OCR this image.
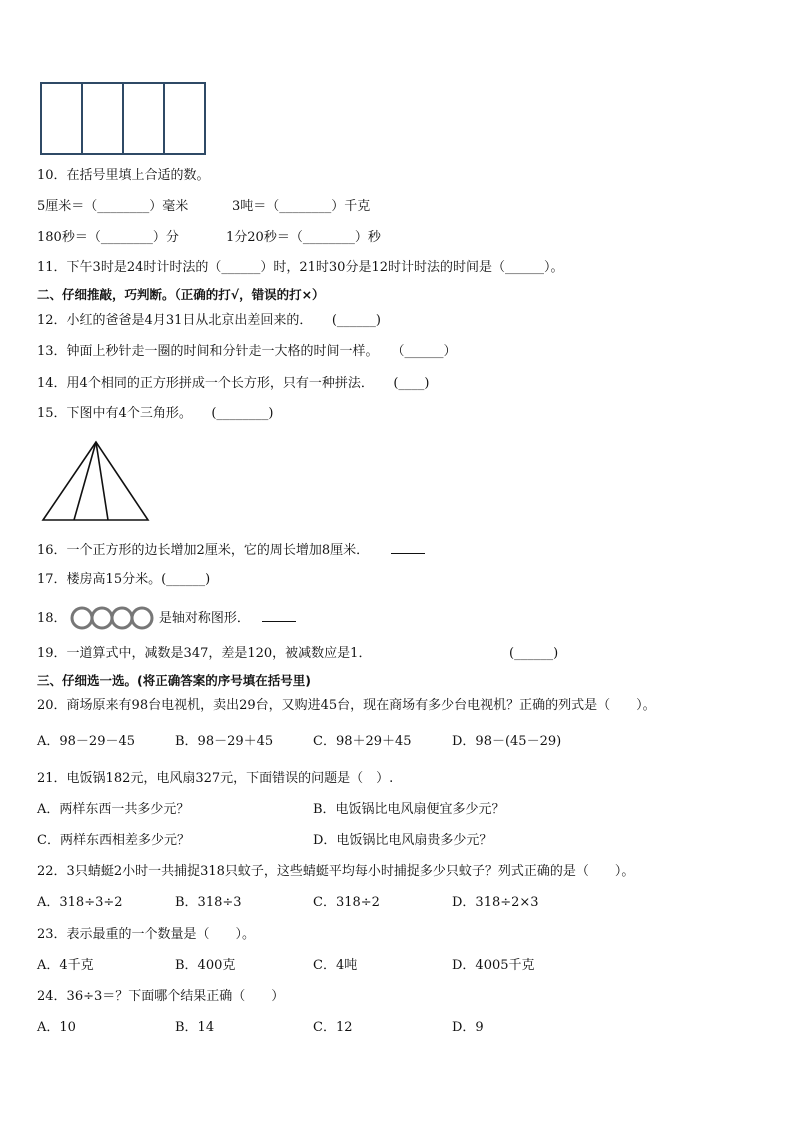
10．在括号里填上合适的数。
5厘米＝（________）毫米	3吨＝（________）千克
180秒＝（________）分	1分20秒＝（________）秒
11．下午3时是24时计时法的（______）时，21时30分是12时计时法的时间是（______）。
二、仔细推敲，巧判断。（正确的打√，错误的打×）
12．小红的爸爸是4月31日从北京出差回来的．　　(______)
13．钟面上秒针走一圈的时间和分针走一大格的时间一样。　　（______）
14．用4个相同的正方形拼成一个长方形，只有一种拼法．　　(____)
15．下图中有4个三角形。　　(________)
16．一个正方形的边长增加2厘米，它的周长增加8厘米．
17．楼房高15分米。(______)
18．	是轴对称图形．
19．一道算式中，减数是347，差是120，被减数应是1．	(______)
三、仔细选一选。(将正确答案的序号填在括号里)
20．商场原来有98台电视机，卖出29台，又购进45台，现在商场有多少台电视机？正确的列式是（　　）。
A．98－29－45	B．98－29＋45	C．98＋29＋45	D．98－(45－29)
21．电饭锅182元，电风扇327元，下面错误的问题是（　）.
A．两样东西一共多少元？	B．电饭锅比电风扇便宜多少元？
C．两样东西相差多少元？	D．电饭锅比电风扇贵多少元？
22．3只蜻蜓2小时一共捕捉318只蚊子，这些蜻蜓平均每小时捕捉多少只蚊子？列式正确的是（　　）。
A．318÷3÷2	B．318÷3	C．318÷2	D．318÷2×3
23．表示最重的一个数量是（　　）。
A．4千克	B．400克	C．4吨	D．4005千克
24．36÷3＝？下面哪个结果正确（　　）
A．10	B．14	C．12	D．9
